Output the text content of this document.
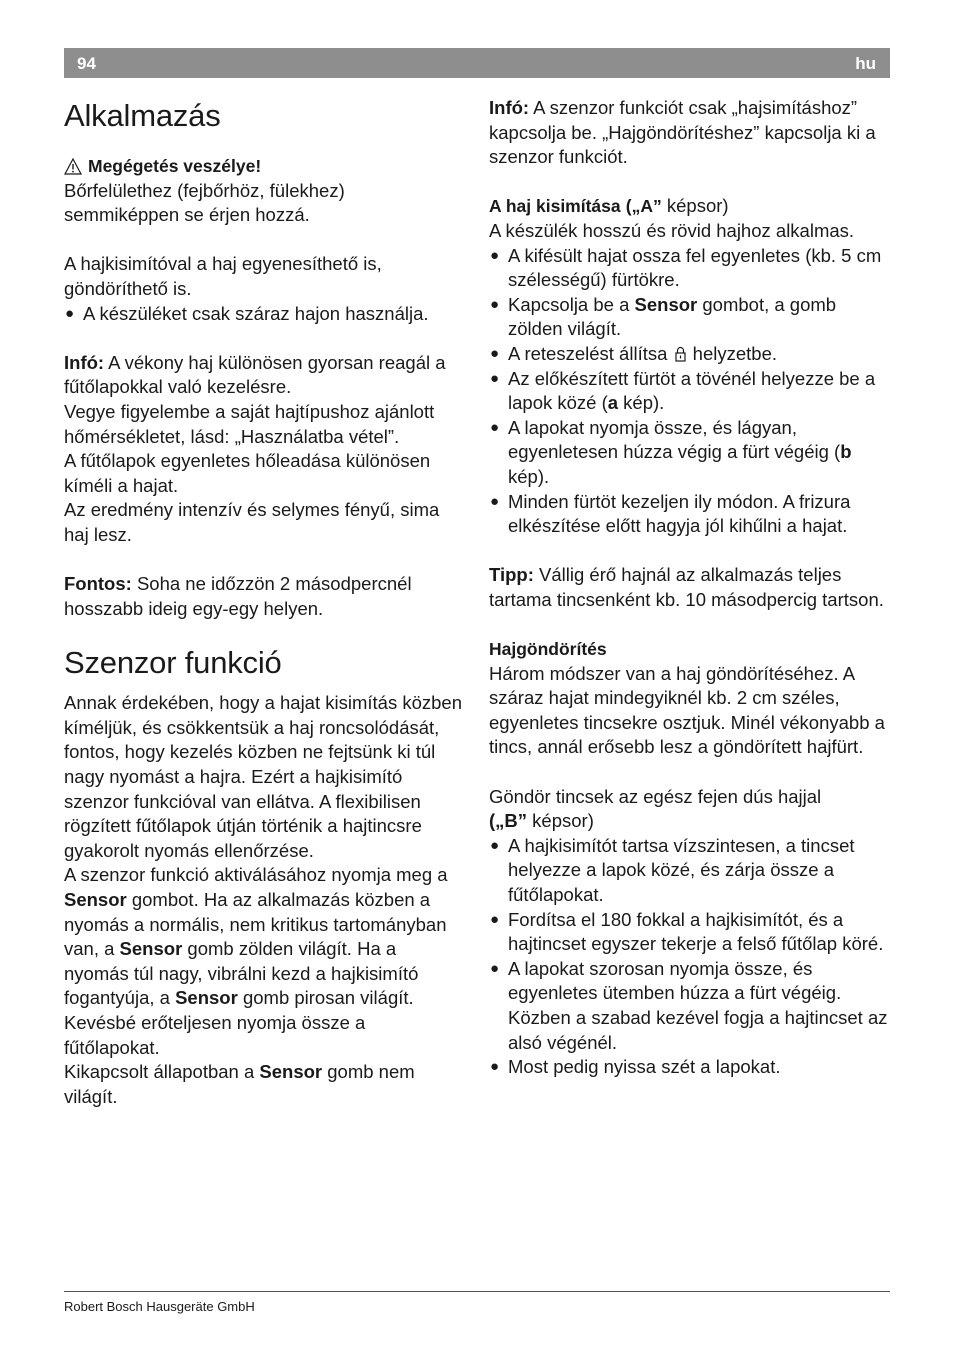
94	hu
Alkalmazás

Megégetés veszélye!

Bőrfelülethez (fejbőrhöz, fülekhez) semmiképpen se érjen hozzá.

A hajkisimítóval a haj egyenesíthető is, göndöríthető is.

● A készüléket csak száraz hajon használja.

Infó: A vékony haj különösen gyorsan reagál a fűtőlapokkal való kezelésre.

Vegye figyelembe a saját hajtípushoz ajánlott hőmérsékletet, lásd: „Használatba vétel”.

A fűtőlapok egyenletes hőleadása különösen kíméli a hajat.

Az eredmény intenzív és selymes fényű, sima haj lesz.

Fontos: Soha ne időzzön 2 másodpercnél hosszabb ideig egy-egy helyen.

Szenzor funkció

Annak érdekében, hogy a hajat kisimítás közben kíméljük, és csökkentsük a haj roncsolódását, fontos, hogy kezelés közben ne fejtsünk ki túl nagy nyomást a hajra. Ezért a hajkisimító szenzor funkcióval van ellátva. A flexibilisen rögzített fűtőlapok útján történik a hajtincsre gyakorolt nyomás ellenőrzése.

A szenzor funkció aktiválásához nyomja meg a Sensor gombot. Ha az alkalmazás közben a nyomás a normális, nem kritikus tartományban van, a Sensor gomb zölden világít. Ha a nyomás túl nagy, vibrálni kezd a hajkisimító fogantyúja, a Sensor gomb pirosan világít. Kevésbé erőteljesen nyomja össze a fűtőlapokat.

Kikapcsolt állapotban a Sensor gomb nem világít.

Infó: A szenzor funkciót csak „hajsimításhoz” kapcsolja be. „Hajgöndörítéshez” kapcsolja ki a szenzor funkciót.

A haj kisimítása („A” képsor)

A készülék hosszú és rövid hajhoz alkalmas.

● A kifésült hajat ossza fel egyenletes (kb. 5 cm szélességű) fürtökre.
● Kapcsolja be a Sensor gombot, a gomb zölden világít.
● A reteszelést állítsa helyzetbe.
● Az előkészített fürtöt a tövénél helyezze be a lapok közé (a kép).
● A lapokat nyomja össze, és lágyan, egyenletesen húzza végig a fürt végéig (b kép).
● Minden fürtöt kezeljen ily módon. A frizura elkészítése előtt hagyja jól kihűlni a hajat.

Tipp: Vállig érő hajnál az alkalmazás teljes tartama tincsenként kb. 10 másodpercig tartson.

Hajgöndörítés

Három módszer van a haj göndörítéséhez. A száraz hajat mindegyiknél kb. 2 cm széles, egyenletes tincsekre osztjuk. Minél vékonyabb a tincs, annál erősebb lesz a göndörített hajfürt.

Göndör tincsek az egész fejen dús hajjal
(„B” képsor)

● A hajkisimítót tartsa vízszintesen, a tincset helyezze a lapok közé, és zárja össze a fűtőlapokat.
● Fordítsa el 180 fokkal a hajkisimítót, és a hajtincset egyszer tekerje a felső fűtőlap köré.
● A lapokat szorosan nyomja össze, és egyenletes ütemben húzza a fürt végéig. Közben a szabad kezével fogja a hajtincset az alsó végénél.
● Most pedig nyissa szét a lapokat.
Robert Bosch Hausgeräte GmbH
